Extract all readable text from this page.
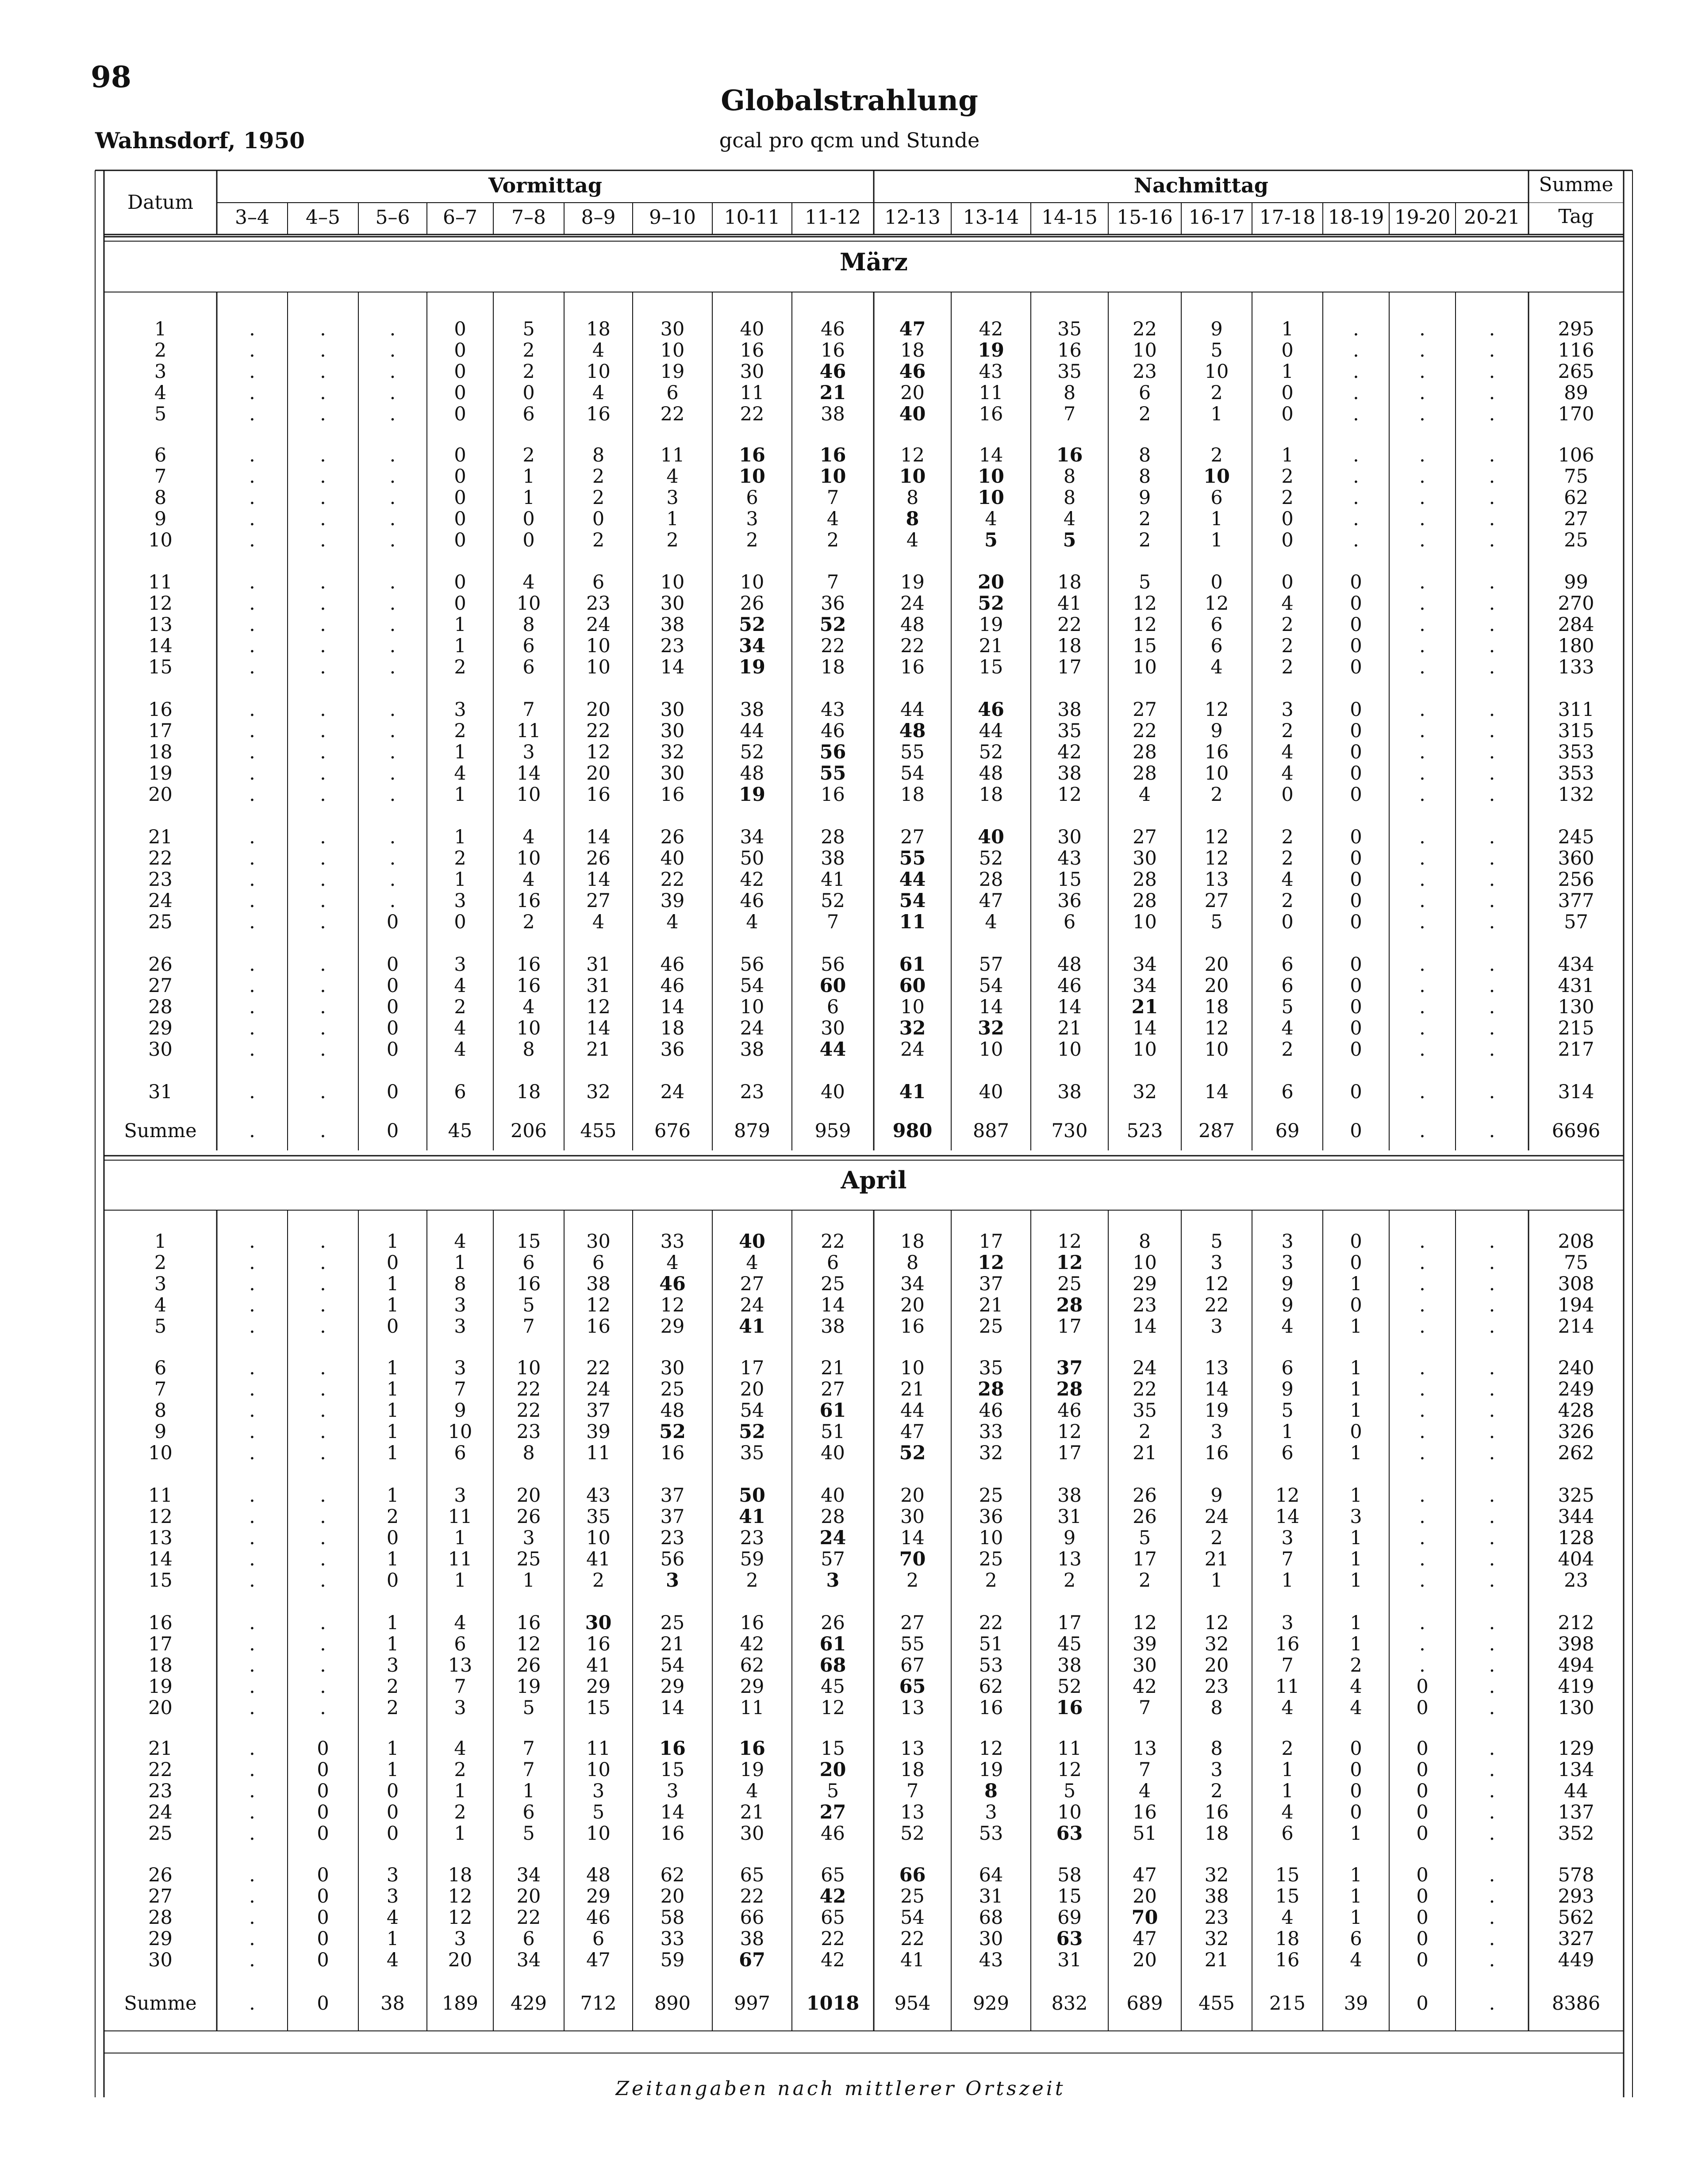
98
Wahnsdorf, 1950
Globalstrahlung
gcal pro qcm und Stunde
Datum
Vormittag	Nachmittag	Summe
Tag
3–4	4–5	5–6	6–7	7–8	8–9	9–10	10-11	11-12	12-13	13-14	14-15 15-16 16-17 17-18 18-19 19-20 20-21
März
1	.	.	.	0	5	18	30	40	46	47	42	35	22	9	1	.	.	.	295
2	.	.	.	0	2	4	10	16	16	18	19	16	10	5	0	.	.	.	116
3	.	.	.	0	2	10	19	30	46	46	43	35	23	10	1	.	.	.	265
4	.	.	.	0	0	4	6	11	21	20	11	8	6	2	0	.	.	.	89
5	.	.	.	0	6	16	22	22	38	40	16	7	2	1	0	.	.	.	170
6	.	.	.	0	2	8	11	16	16	12	14	16	8	2	1	.	.	.	106
7	.	.	.	0	1	2	4	10	10	10	10	8	8	10	2	.	.	.	75
8	.	.	.	0	1	2	3	6	7	8	10	8	9	6	2	.	.	.	62
9	.	.	.	0	0	0	1	3	4	8	4	4	2	1	0	.	.	.	27
10	.	.	.	0	0	2	2	2	2	4	5	5	2	1	0	.	.	.	25
11	.	.	.	0	4	6	10	10	7	19	20	18	5	0	0	0	.	.	99
12	.	.	.	0	10	23	30	26	36	24	52	41	12	12	4	0	.	.	270
13	.	.	.	1	8	24	38	52	52	48	19	22	12	6	2	0	.	.	284
14	.	.	.	1	6	10	23	34	22	22	21	18	15	6	2	0	.	.	180
15	.	.	.	2	6	10	14	19	18	16	15	17	10	4	2	0	.	.	133
16	.	.	.	3	7	20	30	38	43	44	46	38	27	12	3	0	.	.	311
17	.	.	.	2	11	22	30	44	46	48	44	35	22	9	2	0	.	.	315
18	.	.	.	1	3	12	32	52	56	55	52	42	28	16	4	0	.	.	353
19	.	.	.	4	14	20	30	48	55	54	48	38	28	10	4	0	.	.	353
20	.	.	.	1	10	16	16	19	16	18	18	12	4	2	0	0	.	.	132
21	.	.	.	1	4	14	26	34	28	27	40	30	27	12	2	0	.	.	245
22	.	.	.	2	10	26	40	50	38	55	52	43	30	12	2	0	.	.	360
23	.	.	.	1	4	14	22	42	41	44	28	15	28	13	4	0	.	.	256
24	.	.	.	3	16	27	39	46	52	54	47	36	28	27	2	0	.	.	377
25	.	.	0	0	2	4	4	4	7	11	4	6	10	5	0	0	.	.	57
26	.	.	0	3	16	31	46	56	56	61	57	48	34	20	6	0	.	.	434
27	.	.	0	4	16	31	46	54	60	60	54	46	34	20	6	0	.	.	431
28	.	.	0	2	4	12	14	10	6	10	14	14	21	18	5	0	.	.	130
29	.	.	0	4	10	14	18	24	30	32	32	21	14	12	4	0	.	.	215
30	.	.	0	4	8	21	36	38	44	24	10	10	10	10	2	0	.	.	217
31	.	.	0	6	18	32	24	23	40	41	40	38	32	14	6	0	.	.	314
Summe	.	.	0	45	206	455	676	879	959	980	887	730	523	287	69	0	.	.	6696
April
1	.	.	1	4	15	30	33	40	22	18	17	12	8	5	3	0	.	.	208
2	.	.	0	1	6	6	4	4	6	8	12	12	10	3	3	0	.	.	75
3	.	.	1	8	16	38	46	27	25	34	37	25	29	12	9	1	.	.	308
4	.	.	1	3	5	12	12	24	14	20	21	28	23	22	9	0	.	.	194
5	.	.	0	3	7	16	29	41	38	16	25	17	14	3	4	1	.	.	214
6	.	.	1	3	10	22	30	17	21	10	35	37	24	13	6	1	.	.	240
7	.	.	1	7	22	24	25	20	27	21	28	28	22	14	9	1	.	.	249
8	.	.	1	9	22	37	48	54	61	44	46	46	35	19	5	1	.	.	428
9	.	.	1	10	23	39	52	52	51	47	33	12	2	3	1	0	.	.	326
10	.	.	1	6	8	11	16	35	40	52	32	17	21	16	6	1	.	.	262
11	.	.	1	3	20	43	37	50	40	20	25	38	26	9	12	1	.	.	325
12	.	.	2	11	26	35	37	41	28	30	36	31	26	24	14	3	.	.	344
13	.	.	0	1	3	10	23	23	24	14	10	9	5	2	3	1	.	.	128
14	.	.	1	11	25	41	56	59	57	70	25	13	17	21	7	1	.	.	404
15	.	.	0	1	1	2	3	2	3	2	2	2	2	1	1	1	.	.	23
16	.	.	1	4	16	30	25	16	26	27	22	17	12	12	3	1	.	.	212
17	.	.	1	6	12	16	21	42	61	55	51	45	39	32	16	1	.	.	398
18	.	.	3	13	26	41	54	62	68	67	53	38	30	20	7	2	.	.	494
19	.	.	2	7	19	29	29	29	45	65	62	52	42	23	11	4	0	.	419
20	.	.	2	3	5	15	14	11	12	13	16	16	7	8	4	4	0	.	130
21	.	0	1	4	7	11	16	16	15	13	12	11	13	8	2	0	0	.	129
22	.	0	1	2	7	10	15	19	20	18	19	12	7	3	1	0	0	.	134
23	.	0	0	1	1	3	3	4	5	7	8	5	4	2	1	0	0	.	44
24	.	0	0	2	6	5	14	21	27	13	3	10	16	16	4	0	0	.	137
25	.	0	0	1	5	10	16	30	46	52	53	63	51	18	6	1	0	.	352
26	.	0	3	18	34	48	62	65	65	66	64	58	47	32	15	1	0	.	578
27	.	0	3	12	20	29	20	22	42	25	31	15	20	38	15	1	0	.	293
28	.	0	4	12	22	46	58	66	65	54	68	69	70	23	4	1	0	.	562
29	.	0	1	3	6	6	33	38	22	22	30	63	47	32	18	6	0	.	327
30	.	0	4	20	34	47	59	67	42	41	43	31	20	21	16	4	0	.	449
Summe	.	0	38	189	429	712	890	997	1018	954	929	832	689	455	215	39	0	.	8386
Zeitangaben nach mittlerer Ortszeit
